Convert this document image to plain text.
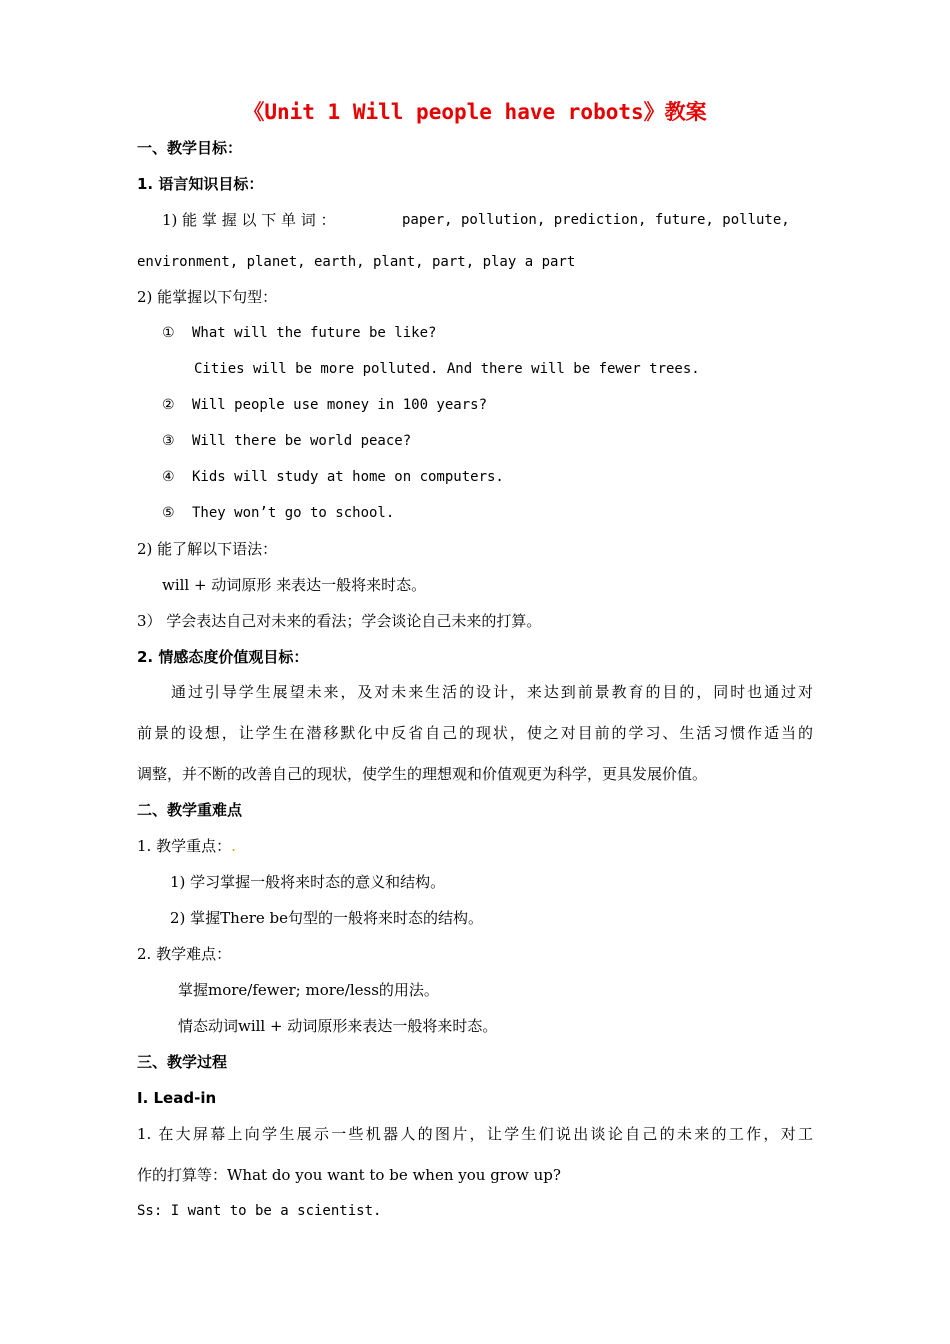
《Unit 1 Will people have robots》教案
一、教学目标：
1. 语言知识目标：
1) 能 掌 握 以 下 单 词 ：	paper, pollution, prediction, future, pollute,
environment, planet, earth, plant, part, play a part
2) 能掌握以下句型：
① What will the future be like?
Cities will be more polluted. And there will be fewer trees.
② Will people use money in 100 years?
③ Will there be world peace?
④ Kids will study at home on computers.
⑤ They won’t go to school.
2) 能了解以下语法：
will + 动词原形 来表达一般将来时态。
3） 学会表达自己对未来的看法；学会谈论自己未来的打算。
2. 情感态度价值观目标：
通过引导学生展望未来，及对未来生活的设计，来达到前景教育的目的，同时也通过对
前景的设想，让学生在潜移默化中反省自己的现状，使之对目前的学习、生活习惯作适当的
调整，并不断的改善自己的现状，使学生的理想观和价值观更为科学，更具发展价值。
二、教学重难点
1. 教学重点：.
1) 学习掌握一般将来时态的意义和结构。
2) 掌握There be句型的一般将来时态的结构。
2. 教学难点：
掌握more/fewer; more/less的用法。
情态动词will + 动词原形来表达一般将来时态。
三、教学过程
Ⅰ. Lead-in
1. 在大屏幕上向学生展示一些机器人的图片，让学生们说出谈论自己的未来的工作，对工
作的打算等：What do you want to be when you grow up?
Ss: I want to be a scientist.
